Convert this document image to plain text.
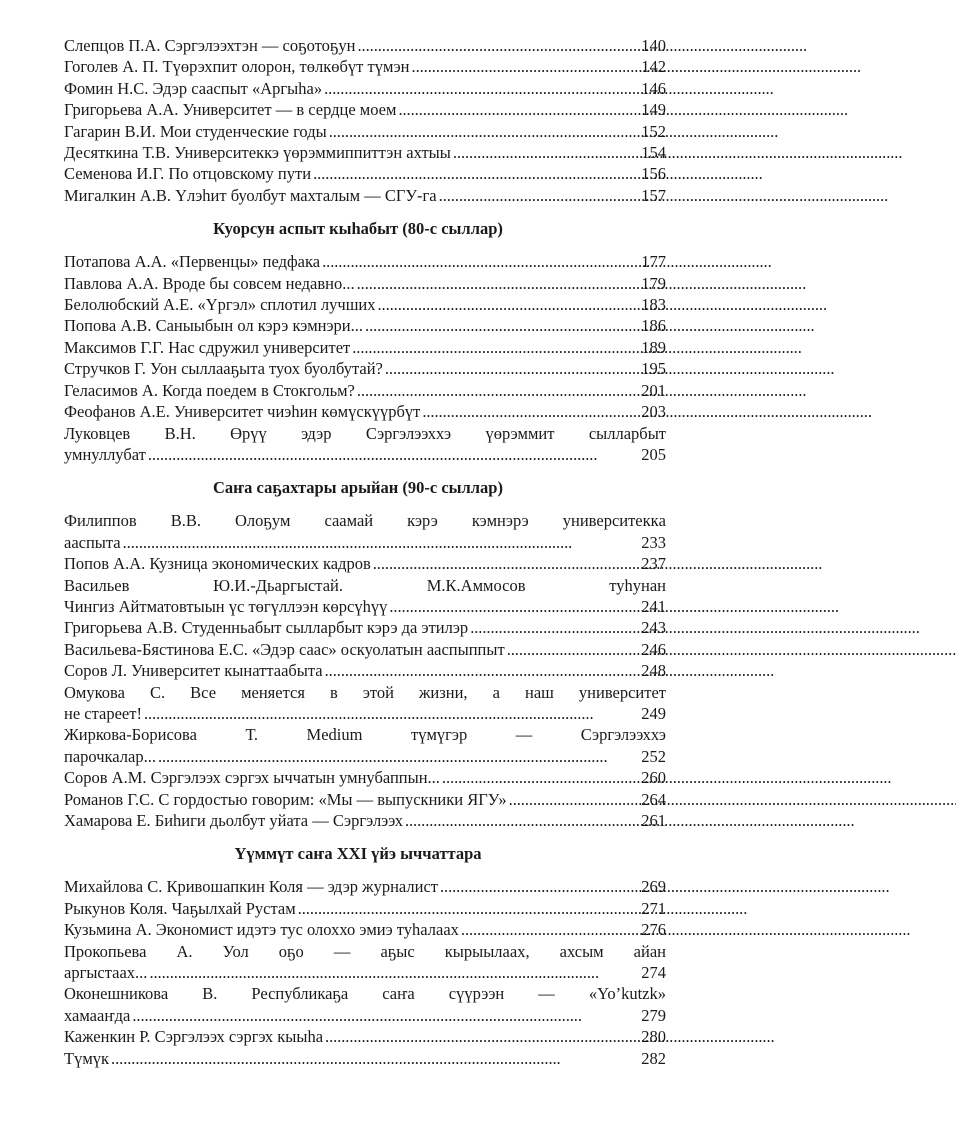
Слепцов П.А. Сэргэлээхтэн — соҕотоҕун . . .	140
Гоголев А. П. Түөрэхпит олорон, төлкөбүт түмэн . . .	142
Фомин Н.С. Эдэр сааспыт «Аргыһа» . . .	146
Григорьева А.А. Университет — в сердце моем . . .	149
Гагарин В.И. Мои студенческие годы . . .	152
Десяткина Т.В. Университеккэ үөрэммиппиттэн ахтыы . . .	154
Семенова И.Г. По отцовскому пути . . .	156
Мигалкин А.В. Үлэһит буолбут махталым — СГУ-га . . .	157
Куорсун аспыт кыһабыт (80-с сыллар)
Потапова А.А. «Первенцы» педфака . . .	177
Павлова А.А. Вроде бы совсем недавно... . . .	179
Белолюбский А.Е. «Үргэл» сплотил лучших . . .	183
Попова А.В. Саныыбын ол кэрэ кэмнэри... . . .	186
Максимов Г.Г. Нас сдружил университет . . .	189
Стручков Г. Уон сыллааҕыта туох буолбутай? . . .	195
Геласимов А. Когда поедем в Стокгольм? . . .	201
Феофанов А.Е. Университет чиэһин көмүскүүрбүт . . .	203
Луковцев В.Н. Өрүү эдэр Сэргэлээххэ үөрэммит сылларбыт
умнуллубат . . .	205
Саҥа саҕахтары арыйан (90-с сыллар)
Филиппов В.В. Олоҕум саамай кэрэ кэмнэрэ университеккa
ааспыта . . .	233
Попов А.А. Кузница экономических кадров . . .	237
Васильев Ю.И.-Дьаргыстай. М.К.Аммосов туһунан
Чингиз Айтматовтыын үс төгүллээн көрсүһүү . . .	241
Григорьева А.В. Студенньабыт сылларбыт кэрэ да этилэр . . .	243
Васильева-Бястинова Е.С. «Эдэр саас» оскуолатын ааспыппыт . . .	246
Соров Л. Университет кынаттаабыта . . .	248
Омукова С. Все меняется в этой жизни, а наш университет
не стареет! . . .	249
Жиркова-Борисова Т. Medium түмүгэр — Сэргэлээххэ
парочкалар... . . .	252
Соров А.М. Сэргэлээх сэргэх ыччатын умнубаппын... . . .	260
Романов Г.С. С гордостью говорим: «Мы — выпускники ЯГУ» . . .	264
Хамарова Е. Биһиги дьолбут уйата — Сэргэлээх . . .	261
Үүммүт саҥа XXI үйэ ыччаттара
Михайлова С. Кривошапкин Коля — эдэр журналист . . .	269
Рыкунов Коля. Чаҕылхай Рустам . . .	271
Кузьмина А. Экономист идэтэ тус олоххо эмиэ туһалаах . . .	276
Прокопьева А. Уол оҕо — аҕыс кырыылаах, ахсым айан
аргыстаах... . . .	274
Оконешникова В. Республикаҕа саҥа сүүрээн — «Yo’kutzk»
хамааҥда . . .	279
Каженкин Р. Сэргэлээх сэргэх кыыһа . . .	280
Түмүк . . .	282
